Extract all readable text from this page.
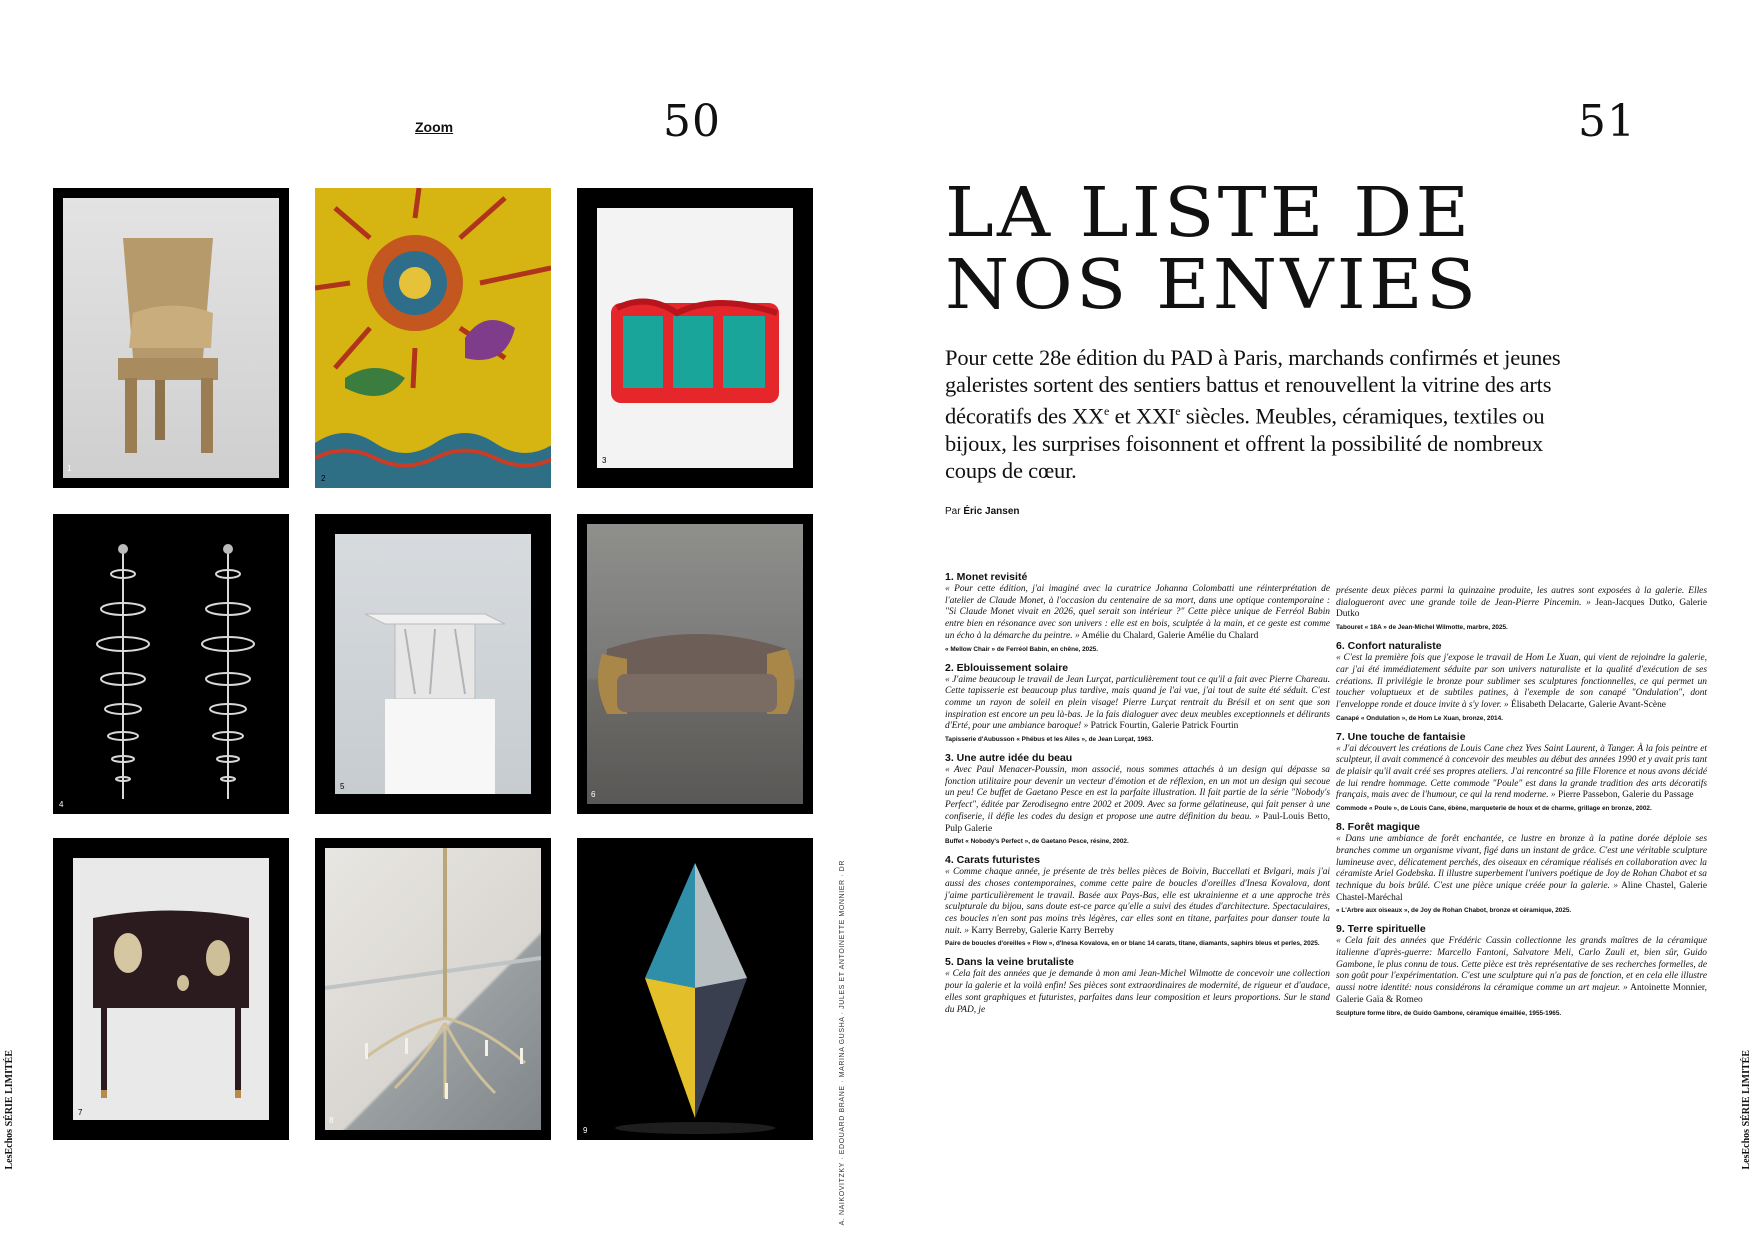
Zoom	50
LesEchos SÉRIE LIMITÉE	A. NAIKOVITZKY · EDOUARD BRANE · MARINA GUSHA · JULES ET ANTOINETTE MONNIER · DR
1
2
3
4
5
6
7
8
9
51
LesEchos SÉRIE LIMITÉE
LA LISTE DE
NOS ENVIES
Pour cette 28e édition du PAD à Paris, marchands confirmés et jeunes galeristes sortent des sentiers battus et renouvellent la vitrine des arts décoratifs des XXe et XXIe siècles. Meubles, céramiques, textiles ou bijoux, les surprises foisonnent et offrent la possibilité de nombreux coups de cœur.
Par Éric Jansen
1. Monet revisité

« Pour cette édition, j'ai imaginé avec la curatrice Johanna Colombatti une réinterprétation de l'atelier de Claude Monet, à l'occasion du centenaire de sa mort, dans une optique contemporaine : "Si Claude Monet vivait en 2026, quel serait son intérieur ?" Cette pièce unique de Ferréol Babin entre bien en résonance avec son univers : elle est en bois, sculptée à la main, et ce geste est comme un écho à la démarche du peintre. » Amélie du Chalard, Galerie Amélie du Chalard

« Mellow Chair » de Ferréol Babin, en chêne, 2025.
2. Eblouissement solaire

« J'aime beaucoup le travail de Jean Lurçat, particulièrement tout ce qu'il a fait avec Pierre Chareau. Cette tapisserie est beaucoup plus tardive, mais quand je l'ai vue, j'ai tout de suite été séduit. C'est comme un rayon de soleil en plein visage! Pierre Lurçat rentrait du Brésil et on sent que son inspiration est encore un peu là-bas. Je la fais dialoguer avec deux meubles exceptionnels et délirants d'Erté, pour une ambiance baroque! » Patrick Fourtin, Galerie Patrick Fourtin

Tapisserie d'Aubusson « Phébus et les Ailes », de Jean Lurçat, 1963.
3. Une autre idée du beau

« Avec Paul Menacer-Poussin, mon associé, nous sommes attachés à un design qui dépasse sa fonction utilitaire pour devenir un vecteur d'émotion et de réflexion, en un mot un design qui secoue un peu! Ce buffet de Gaetano Pesce en est la parfaite illustration. Il fait partie de la série "Nobody's Perfect", éditée par Zerodisegno entre 2002 et 2009. Avec sa forme gélatineuse, qui fait penser à une confiserie, il défie les codes du design et propose une autre définition du beau. » Paul-Louis Betto, Pulp Galerie

Buffet « Nobody's Perfect », de Gaetano Pesce, résine, 2002.
4. Carats futuristes

« Comme chaque année, je présente de très belles pièces de Boivin, Buccellati et Bvlgari, mais j'ai aussi des choses contemporaines, comme cette paire de boucles d'oreilles d'Inesa Kovalova, dont j'aime particulièrement le travail. Basée aux Pays-Bas, elle est ukrainienne et a une approche très sculpturale du bijou, sans doute est-ce parce qu'elle a suivi des études d'architecture. Spectaculaires, ces boucles n'en sont pas moins très légères, car elles sont en titane, parfaites pour danser toute la nuit. » Karry Berreby, Galerie Karry Berreby

Paire de boucles d'oreilles « Flow », d'Inesa Kovalova, en or blanc 14 carats, titane, diamants, saphirs bleus et perles, 2025.
5. Dans la veine brutaliste

« Cela fait des années que je demande à mon ami Jean-Michel Wilmotte de concevoir une collection pour la galerie et la voilà enfin! Ses pièces sont extraordinaires de modernité, de rigueur et d'audace, elles sont graphiques et futuristes, parfaites dans leur composition et leurs proportions. Sur le stand du PAD, je

présente deux pièces parmi la quinzaine produite, les autres sont exposées à la galerie. Elles dialogueront avec une grande toile de Jean-Pierre Pincemin. » Jean-Jacques Dutko, Galerie Dutko

Tabouret « 18A » de Jean-Michel Wilmotte, marbre, 2025.
6. Confort naturaliste

« C'est la première fois que j'expose le travail de Hom Le Xuan, qui vient de rejoindre la galerie, car j'ai été immédiatement séduite par son univers naturaliste et la qualité d'exécution de ses créations. Il privilégie le bronze pour sublimer ses sculptures fonctionnelles, ce qui permet un toucher voluptueux et de subtiles patines, à l'exemple de son canapé "Ondulation", dont l'enveloppe ronde et douce invite à s'y lover. » Élisabeth Delacarte, Galerie Avant-Scène

Canapé « Ondulation », de Hom Le Xuan, bronze, 2014.
7. Une touche de fantaisie

« J'ai découvert les créations de Louis Cane chez Yves Saint Laurent, à Tanger. À la fois peintre et sculpteur, il avait commencé à concevoir des meubles au début des années 1990 et y avait pris tant de plaisir qu'il avait créé ses propres ateliers. J'ai rencontré sa fille Florence et nous avons décidé de lui rendre hommage. Cette commode "Poule" est dans la grande tradition des arts décoratifs français, mais avec de l'humour, ce qui la rend moderne. » Pierre Passebon, Galerie du Passage

Commode « Poule », de Louis Cane, ébène, marqueterie de houx et de charme, grillage en bronze, 2002.
8. Forêt magique

« Dans une ambiance de forêt enchantée, ce lustre en bronze à la patine dorée déploie ses branches comme un organisme vivant, figé dans un instant de grâce. C'est une véritable sculpture lumineuse avec, délicatement perchés, des oiseaux en céramique réalisés en collaboration avec la céramiste Ariel Godebska. Il illustre superbement l'univers poétique de Joy de Rohan Chabot et sa technique du bois brûlé. C'est une pièce unique créée pour la galerie. » Aline Chastel, Galerie Chastel-Maréchal

« L'Arbre aux oiseaux », de Joy de Rohan Chabot, bronze et céramique, 2025.
9. Terre spirituelle

« Cela fait des années que Frédéric Cassin collectionne les grands maîtres de la céramique italienne d'après-guerre: Marcello Fantoni, Salvatore Meli, Carlo Zauli et, bien sûr, Guido Gambone, le plus connu de tous. Cette pièce est très représentative de ses recherches formelles, de son goût pour l'expérimentation. C'est une sculpture qui n'a pas de fonction, et en cela elle illustre aussi notre identité: nous considérons la céramique comme un art majeur. » Antoinette Monnier, Galerie Gaïa & Romeo

Sculpture forme libre, de Guido Gambone, céramique émaillée, 1955-1965.
